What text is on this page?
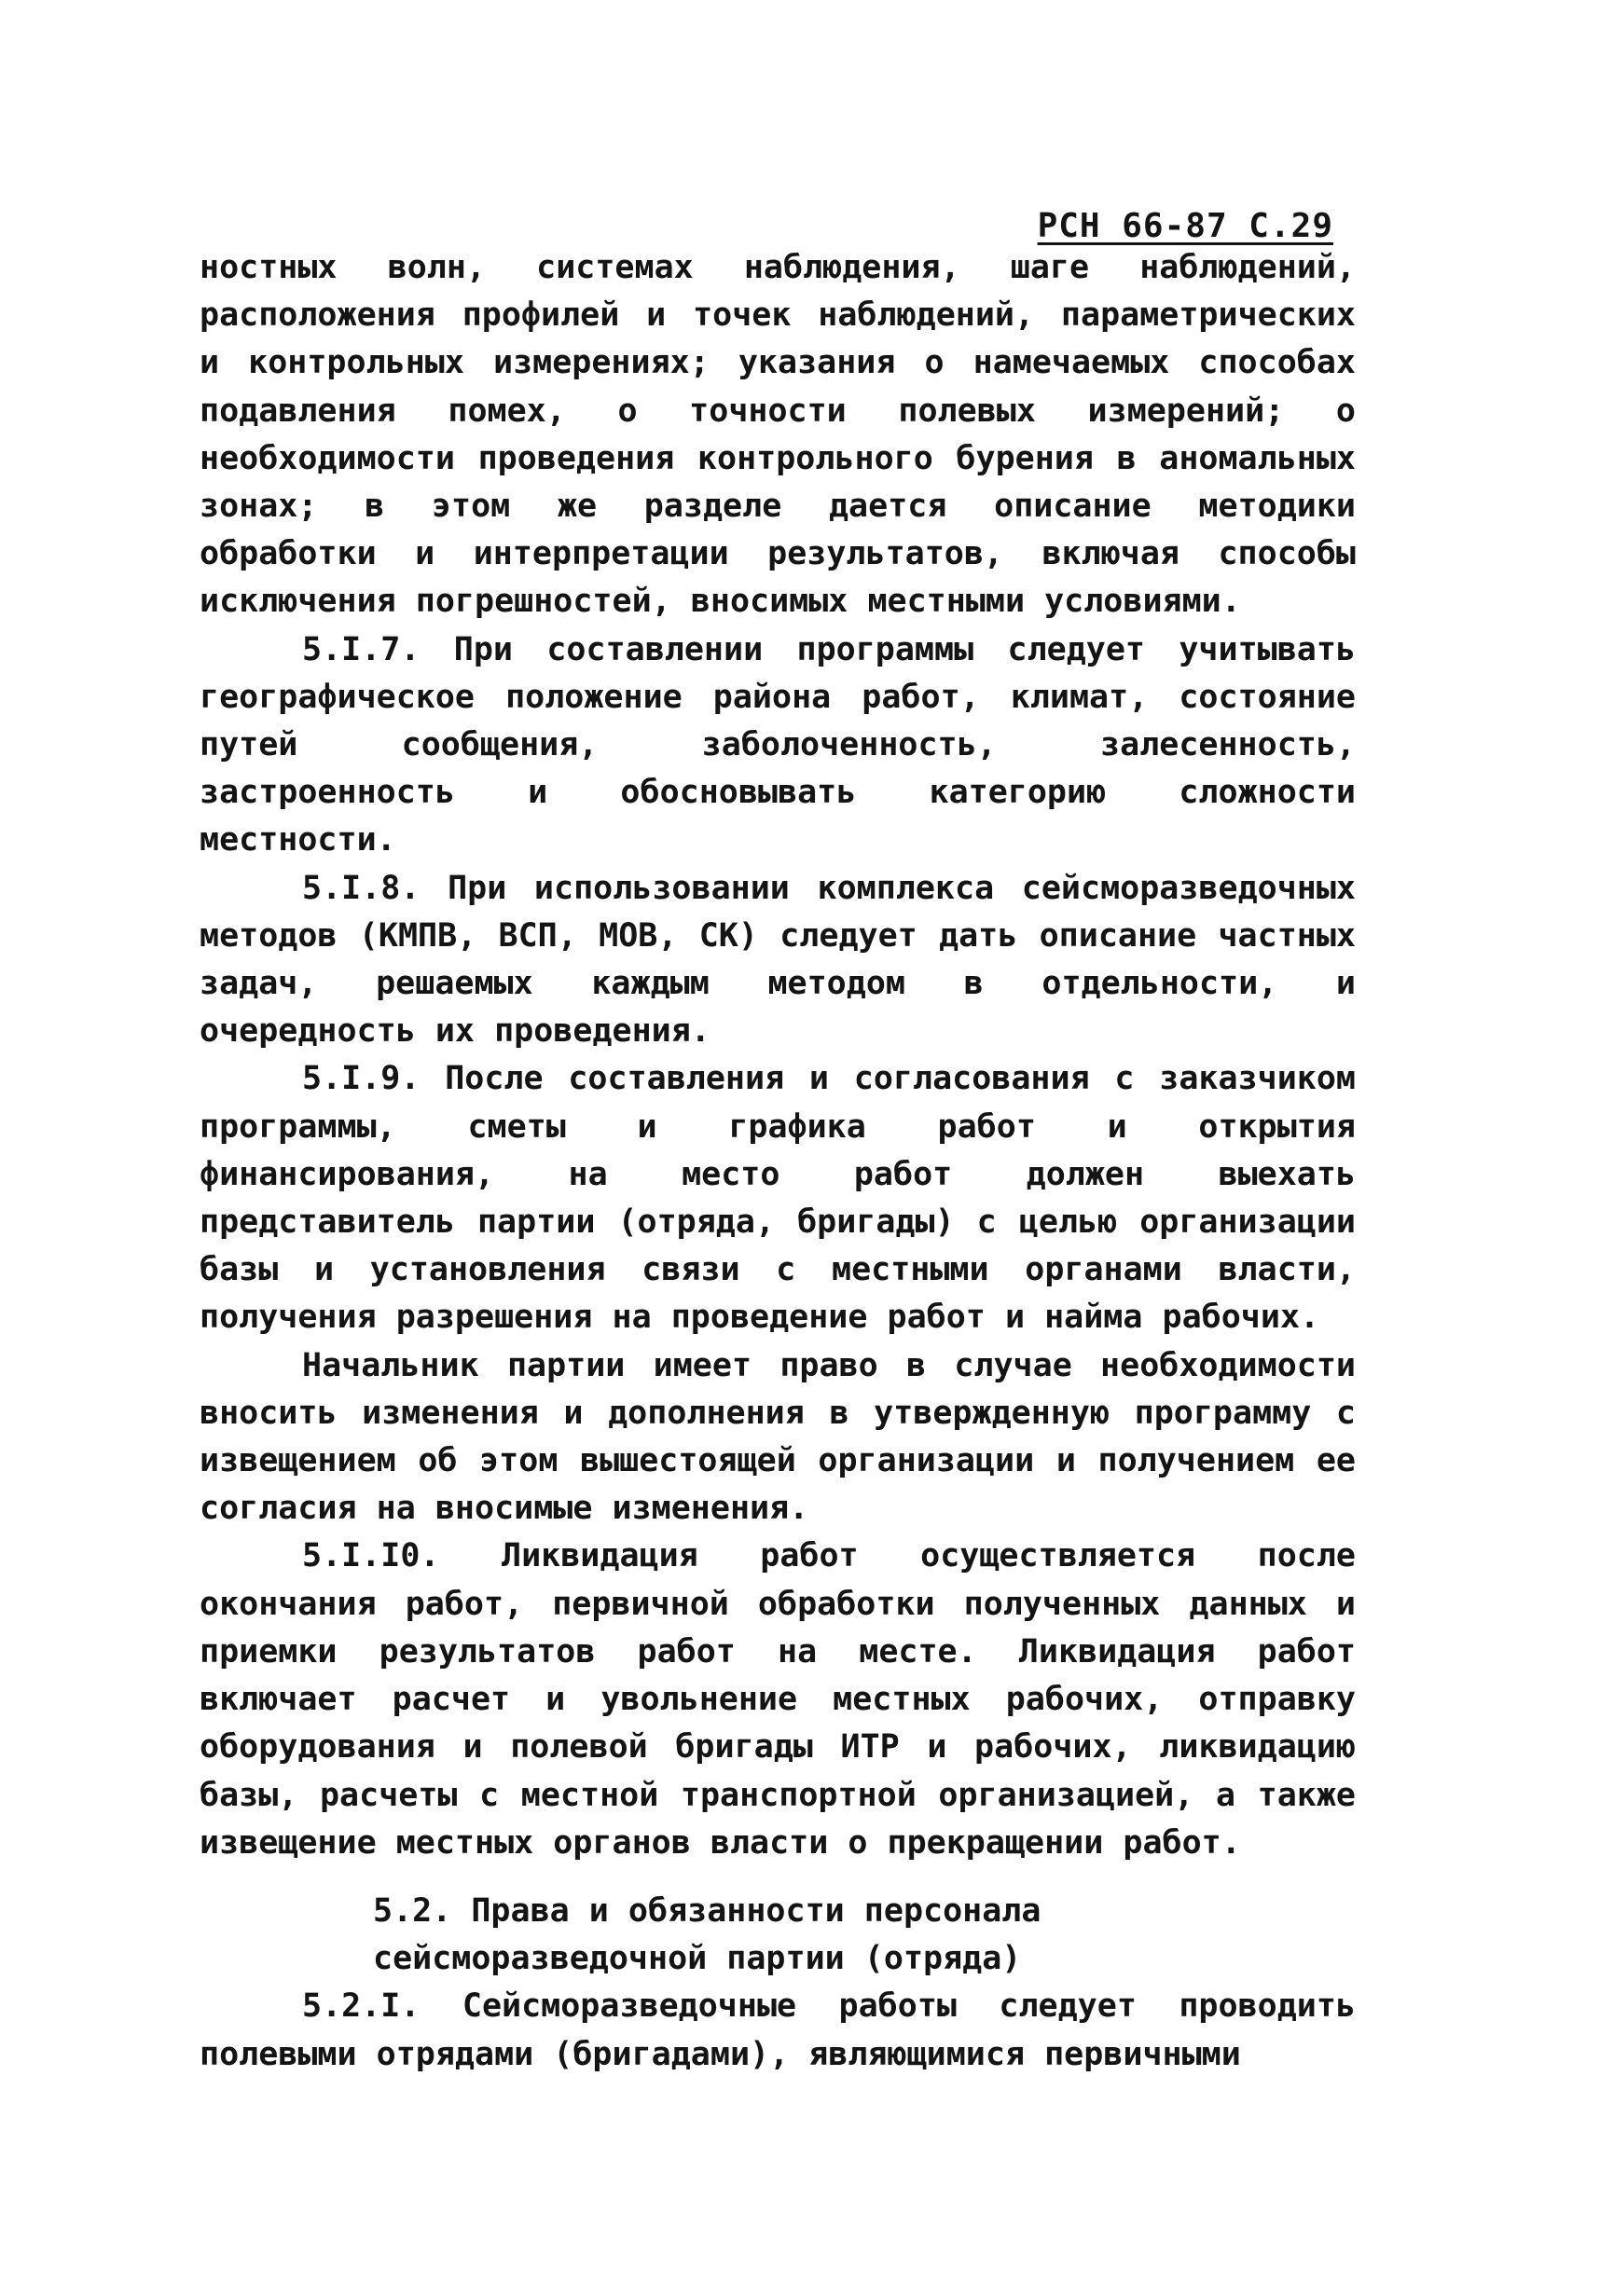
РСН 66-87 С.29

ностных волн, системах наблюдения, шаге наблюдений, расположения профилей и точек наблюдений, параметрических и контрольных измерениях; указания о намечаемых способах подавления помех, о точности полевых измерений; о необходимости проведения контрольного бурения в аномальных зонах; в этом же разделе дается описание методики обработки и интерпретации результатов, включая способы исключения погрешностей, вносимых местными условиями.

5.I.7. При составлении программы следует учитывать географическое положение района работ, климат, состояние путей сообщения, заболоченность, залесенность, застроенность и обосновывать категорию сложности местности.

5.I.8. При использовании комплекса сейсморазведочных методов (КМПВ, ВСП, МОВ, СК) следует дать описание частных задач, решаемых каждым методом в отдельности, и очередность их проведения.

5.I.9. После составления и согласования с заказчиком программы, сметы и графика работ и открытия финансирования, на место работ должен выехать представитель партии (отряда, бригады) с целью организации базы и установления связи с местными органами власти, получения разрешения на проведение работ и найма рабочих.

Начальник партии имеет право в случае необходимости вносить изменения и дополнения в утвержденную программу с извещением об этом вышестоящей организации и получением ее согласия на вносимые изменения.

5.I.I0. Ликвидация работ осуществляется после окончания работ, первичной обработки полученных данных и приемки результатов работ на месте. Ликвидация работ включает расчет и увольнение местных рабочих, отправку оборудования и полевой бригады ИТР и рабочих, ликвидацию базы, расчеты с местной транспортной организацией, а также извещение местных органов власти о прекращении работ.

5.2. Права и обязанности персонала
сейсморазведочной партии (отряда)

5.2.I. Сейсморазведочные работы следует проводить полевыми отрядами (бригадами), являющимися первичными
